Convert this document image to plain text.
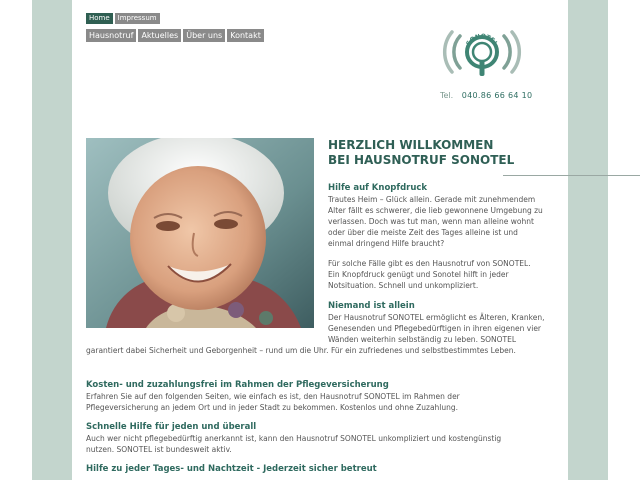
Home	Impressum
Hausnotruf	Aktuelles	Über uns	Kontakt
SONOTEL
Tel. 040.86 66 64 10
HERZLICH WILLKOMMEN
BEI HAUSNOTRUF SONOTEL
Hilfe auf Knopfdruck

Trautes Heim – Glück allein. Gerade mit zunehmendem
Alter fällt es schwerer, die lieb gewonnene Umgebung zu
verlassen. Doch was tut man, wenn man alleine wohnt
oder über die meiste Zeit des Tages alleine ist und
einmal dringend Hilfe braucht?

Für solche Fälle gibt es den Hausnotruf von SONOTEL.
Ein Knopfdruck genügt und Sonotel hilft in jeder
Notsituation. Schnell und unkompliziert.

Niemand ist allein

Der Hausnotruf SONOTEL ermöglicht es Älteren, Kranken,
Genesenden und Pflegebedürftigen in ihren eigenen vier
Wänden weiterhin selbständig zu leben. SONOTEL

garantiert dabei Sicherheit und Geborgenheit – rund um die Uhr. Für ein zufriedenes und selbstbestimmtes Leben.

Kosten- und zuzahlungsfrei im Rahmen der Pflegeversicherung

Erfahren Sie auf den folgenden Seiten, wie einfach es ist, den Hausnotruf SONOTEL im Rahmen der
Pflegeversicherung an jedem Ort und in jeder Stadt zu bekommen. Kostenlos und ohne Zuzahlung.

Schnelle Hilfe für jeden und überall

Auch wer nicht pflegebedürftig anerkannt ist, kann den Hausnotruf SONOTEL unkompliziert und kostengünstig
nutzen. SONOTEL ist bundesweit aktiv.

Hilfe zu jeder Tages- und Nachtzeit - Jederzeit sicher betreut
